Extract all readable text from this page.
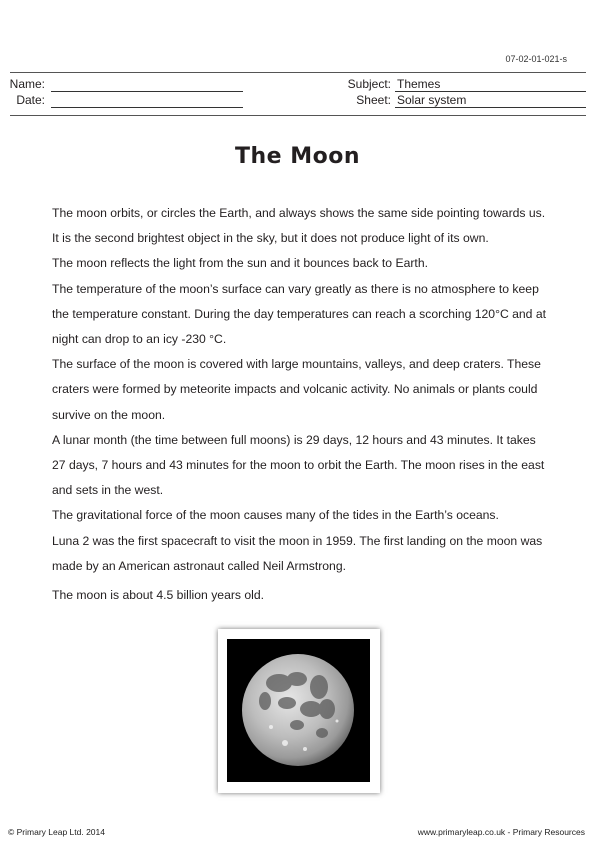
07-02-01-021-s
Name:
Date:
Subject: Themes
Sheet: Solar system
The Moon

The moon orbits, or circles the Earth, and always shows the same side pointing towards us. It is the second brightest object in the sky, but it does not produce light of its own.

The moon reflects the light from the sun and it bounces back to Earth.

The temperature of the moon’s surface can vary greatly as there is no atmosphere to keep the temperature constant. During the day temperatures can reach a scorching 120°C and at night can drop to an icy -230 °C.

The surface of the moon is covered with large mountains, valleys, and deep craters. These craters were formed by meteorite impacts and volcanic activity. No animals or plants could survive on the moon.

A lunar month (the time between full moons) is 29 days, 12 hours and 43 minutes. It takes 27 days, 7 hours and 43 minutes for the moon to orbit the Earth. The moon rises in the east and sets in the west.

The gravitational force of the moon causes many of the tides in the Earth’s oceans.

Luna 2 was the first spacecraft to visit the moon in 1959. The first landing on the moon was made by an American astronaut called Neil Armstrong.

The moon is about 4.5 billion years old.

© Primary Leap Ltd. 2014	www.primaryleap.co.uk - Primary Resources
